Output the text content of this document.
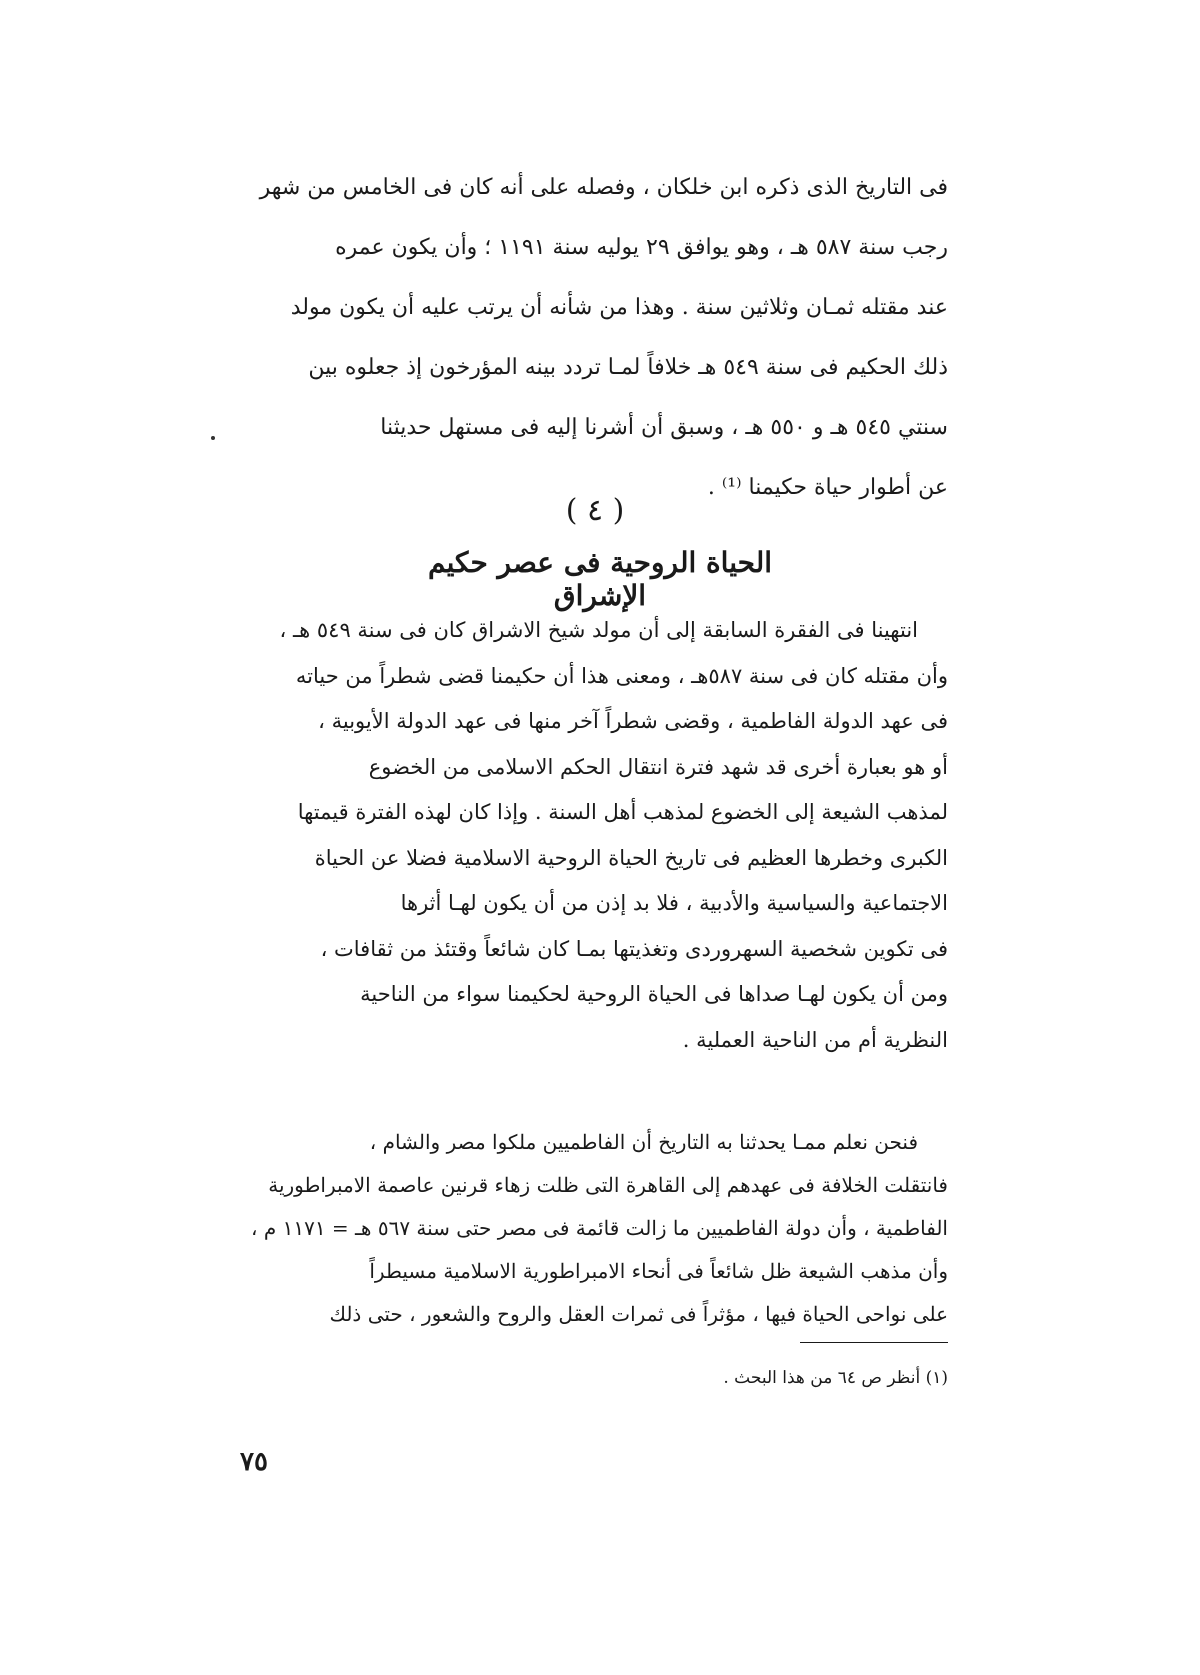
فى التاريخ الذى ذكره ابن خلكان ، وفصله على أنه كان فى الخامس من شهر
رجب سنة ٥٨٧ هـ ، وهو يوافق ٢٩ يوليه سنة ١١٩١ ؛ وأن يكون عمره
عند مقتله ثمـان وثلاثين سنة . وهذا من شأنه أن يرتب عليه أن يكون مولد
ذلك الحكيم فى سنة ٥٤٩ هـ خلافاً لمـا تردد بينه المؤرخون إذ جعلوه بين
سنتي ٥٤٥ هـ و ٥٥٠ هـ ، وسبق أن أشرنا إليه فى مستهل حديثنا
عن أطوار حياة حكيمنا ⁽¹⁾ .
( ٤ )
الحياة الروحية فى عصر حكيم الإشراق
انتهينا فى الفقرة السابقة إلى أن مولد شيخ الاشراق كان فى سنة ٥٤٩ هـ ،
وأن مقتله كان فى سنة ٥٨٧هـ ، ومعنى هذا أن حكيمنا قضى شطراً من حياته
فى عهد الدولة الفاطمية ، وقضى شطراً آخر منها فى عهد الدولة الأيوبية ،
أو هو بعبارة أخرى قد شهد فترة انتقال الحكم الاسلامى من الخضوع
لمذهب الشيعة إلى الخضوع لمذهب أهل السنة . وإذا كان لهذه الفترة قيمتها
الكبرى وخطرها العظيم فى تاريخ الحياة الروحية الاسلامية فضلا عن الحياة
الاجتماعية والسياسية والأدبية ، فلا بد إذن من أن يكون لهـا أثرها
فى تكوين شخصية السهروردى وتغذيتها بمـا كان شائعاً وقتئذ من ثقافات ،
ومن أن يكون لهـا صداها فى الحياة الروحية لحكيمنا سواء من الناحية
النظرية أم من الناحية العملية .
فنحن نعلم ممـا يحدثنا به التاريخ أن الفاطميين ملكوا مصر والشام ،
فانتقلت الخلافة فى عهدهم إلى القاهرة التى ظلت زهاء قرنين عاصمة الامبراطورية
الفاطمية ، وأن دولة الفاطميين ما زالت قائمة فى مصر حتى سنة ٥٦٧ هـ = ١١٧١ م ،
وأن مذهب الشيعة ظل شائعاً فى أنحاء الامبراطورية الاسلامية مسيطراً
على نواحى الحياة فيها ، مؤثراً فى ثمرات العقل والروح والشعور ، حتى ذلك
(١) أنظر ص ٦٤ من هذا البحث .
٧٥
